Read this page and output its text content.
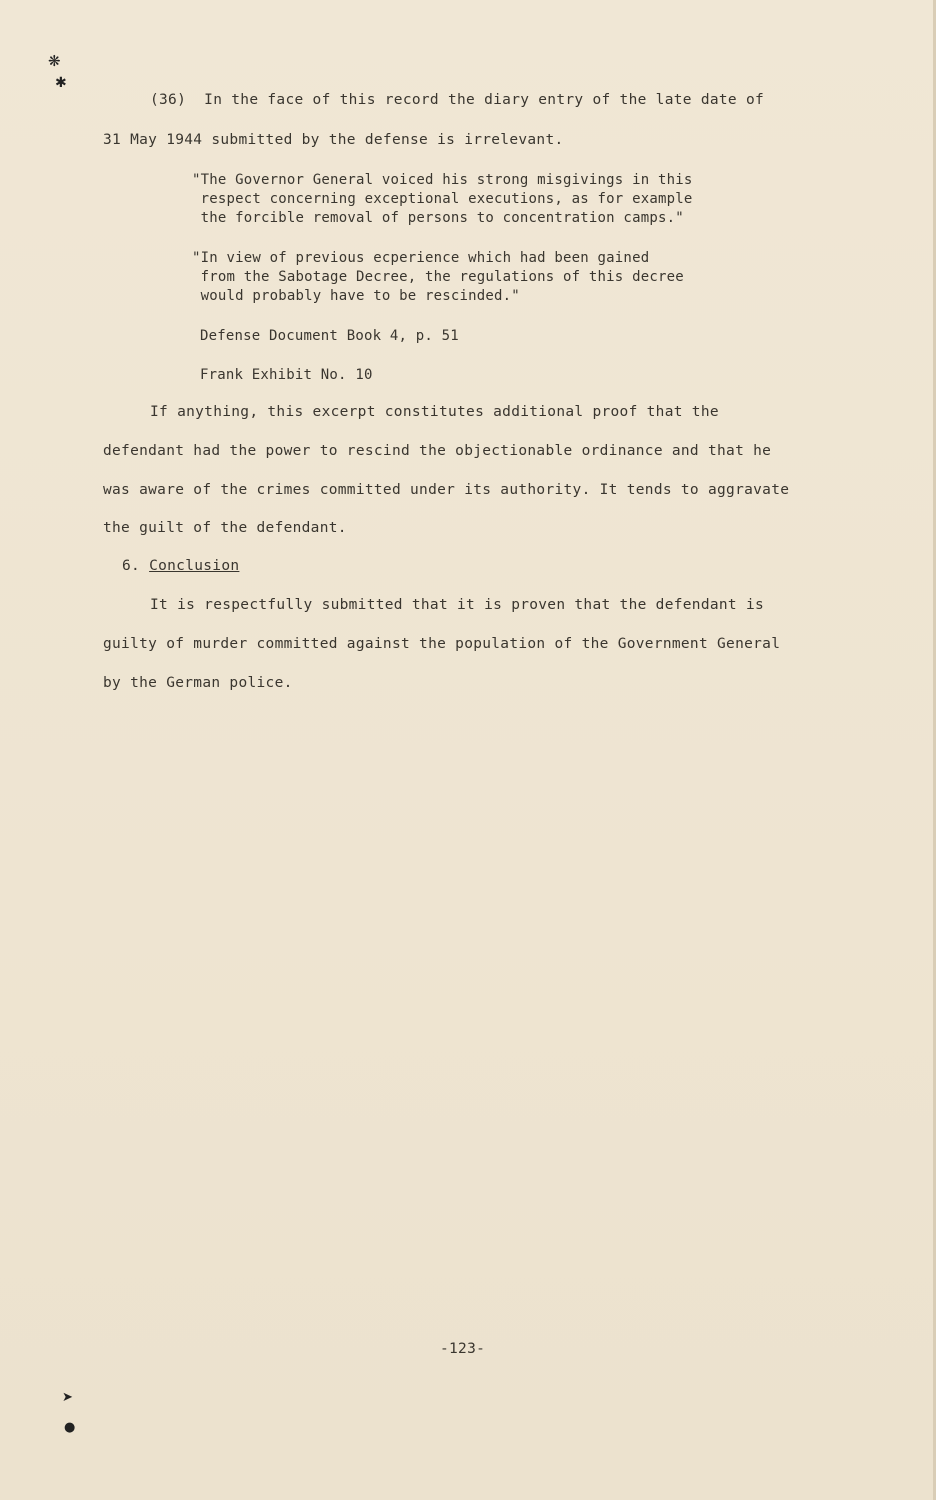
❋
✱
(36)  In the face of this record the diary entry of the late date of
31 May 1944 submitted by the defense is irrelevant.
"The Governor General voiced his strong misgivings in this
respect concerning exceptional executions, as for example
the forcible removal of persons to concentration camps."
"In view of previous ecperience which had been gained
from the Sabotage Decree, the regulations of this decree
would probably have to be rescinded."
Defense Document Book 4, p. 51
Frank Exhibit No. 10
If anything, this excerpt constitutes additional proof that the
defendant had the power to rescind the objectionable ordinance and that he
was aware of the crimes committed under its authority. It tends to aggravate
the guilt of the defendant.
6. Conclusion
It is respectfully submitted that it is proven that the defendant is
guilty of murder committed against the population of the Government General
by the German police.
-123-
➤
●
